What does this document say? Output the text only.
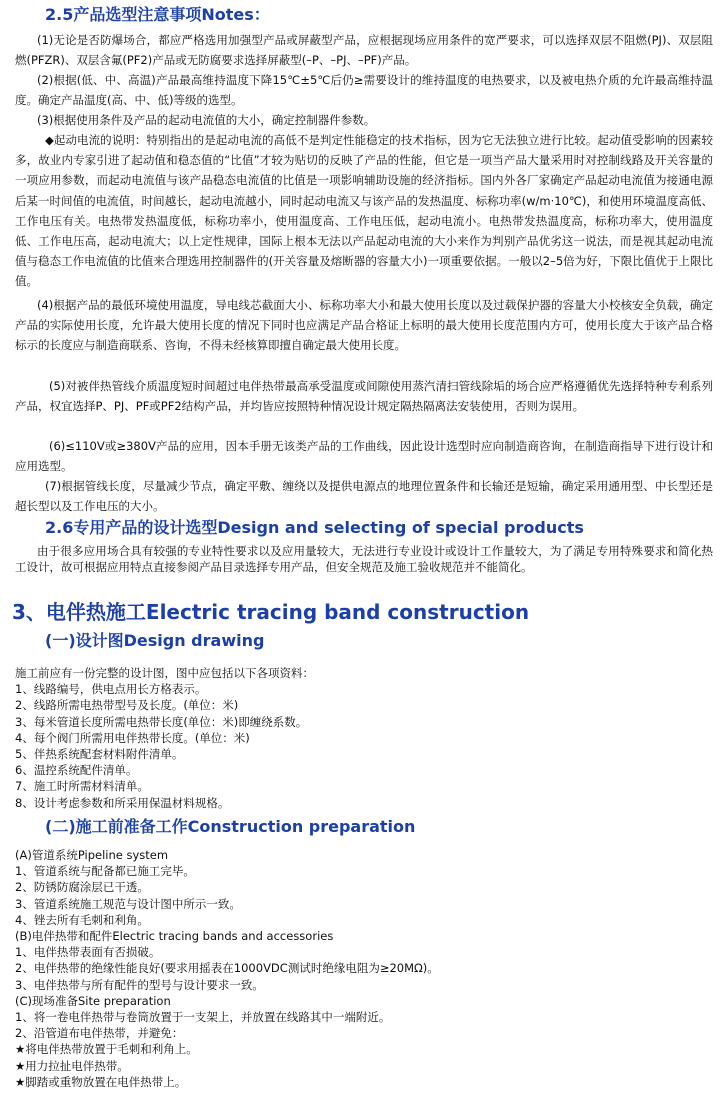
2.5产品选型注意事项Notes：

(1)无论是否防爆场合，都应严格选用加强型产品或屏蔽型产品，应根据现场应用条件的宽严要求，可以选择双层不阻燃(PJ)、双层阻燃(PFZR)、双层含氟(PF2)产品或无防腐要求选择屏蔽型(–P、–PJ、–PF)产品。

(2)根据(低、中、高温)产品最高维持温度下降15℃±5℃后仍≥需要设计的维持温度的电热要求，以及被电热介质的允许最高维持温度。确定产品温度(高、中、低)等级的选型。

(3)根据使用条件及产品的起动电流值的大小，确定控制器件参数。

◆起动电流的说明：特别指出的是起动电流的高低不是判定性能稳定的技术指标，因为它无法独立进行比较。起动值受影响的因素较多，故业内专家引进了起动值和稳态值的“比值”才较为贴切的反映了产品的性能，但它是一项当产品大量采用时对控制线路及开关容量的一项应用参数，而起动电流值与该产品稳态电流值的比值是一项影响辅助设施的经济指标。国内外各厂家确定产品起动电流值为接通电源后某一时间值的电流值，时间越长，起动电流越小，同时起动电流又与该产品的发热温度、标称功率(w/m·10℃)，和使用环境温度高低、工作电压有关。电热带发热温度低，标称功率小，使用温度高、工作电压低，起动电流小。电热带发热温度高，标称功率大，使用温度低、工作电压高，起动电流大；以上定性规律，国际上根本无法以产品起动电流的大小来作为判别产品优劣这一说法，而是视其起动电流值与稳态工作电流值的比值来合理选用控制器件的(开关容量及熔断器的容量大小)一项重要依据。一般以2–5倍为好，下限比值优于上限比值。

(4)根据产品的最低环境使用温度，导电线芯截面大小、标称功率大小和最大使用长度以及过载保护器的容量大小校核安全负载，确定产品的实际使用长度，允许最大使用长度的情况下同时也应满足产品合格证上标明的最大使用长度范围内方可，使用长度大于该产品合格标示的长度应与制造商联系、咨询，不得未经核算即擅自确定最大使用长度。

(5)对被伴热管线介质温度短时间超过电伴热带最高承受温度或间隙使用蒸汽清扫管线除垢的场合应严格遵循优先选择特种专利系列产品，权宜选择P、PJ、PF或PF2结构产品，并均皆应按照特种情况设计规定隔热隔离法安装使用，否则为误用。

(6)≤110V或≥380V产品的应用，因本手册无该类产品的工作曲线，因此设计选型时应向制造商咨询，在制造商指导下进行设计和应用选型。

(7)根据管线长度，尽量减少节点，确定平敷、缠绕以及提供电源点的地理位置条件和长输还是短输，确定采用通用型、中长型还是超长型以及工作电压的大小。

2.6专用产品的设计选型Design and selecting of special products

由于很多应用场合具有较强的专业特性要求以及应用量较大，无法进行专业设计或设计工作量较大，为了满足专用特殊要求和简化热工设计，故可根据应用特点直接参阅产品目录选择专用产品，但安全规范及施工验收规范并不能简化。

3、电伴热施工Electric tracing band construction
(一)设计图Design drawing
施工前应有一份完整的设计图，图中应包括以下各项资料：
1、线路编号，供电点用长方格表示。
2、线路所需电热带型号及长度。(单位：米)
3、每米管道长度所需电热带长度(单位：米)即缠绕系数。
4、每个阀门所需用电伴热带长度。(单位：米)
5、伴热系统配套材料附件清单。
6、温控系统配件清单。
7、施工时所需材料清单。
8、设计考虑参数和所采用保温材料规格。
(二)施工前准备工作Construction preparation
(A)管道系统Pipeline system
1、管道系统与配备都已施工完毕。
2、防锈防腐涂层已干透。
3、管道系统施工规范与设计图中所示一致。
4、锉去所有毛刺和利角。
(B)电伴热带和配件Electric tracing bands and accessories
1、电伴热带表面有否损破。
2、电伴热带的绝缘性能良好(要求用摇表在1000VDC测试时绝缘电阻为≥20MΩ)。
3、电伴热带与所有配件的型号与设计要求一致。
(C)现场准备Site preparation
1、将一卷电伴热带与卷筒放置于一支架上，并放置在线路其中一端附近。
2、沿管道布电伴热带，并避免：
★将电伴热带放置于毛刺和利角上。
★用力拉扯电伴热带。
★脚踏或重物放置在电伴热带上。
